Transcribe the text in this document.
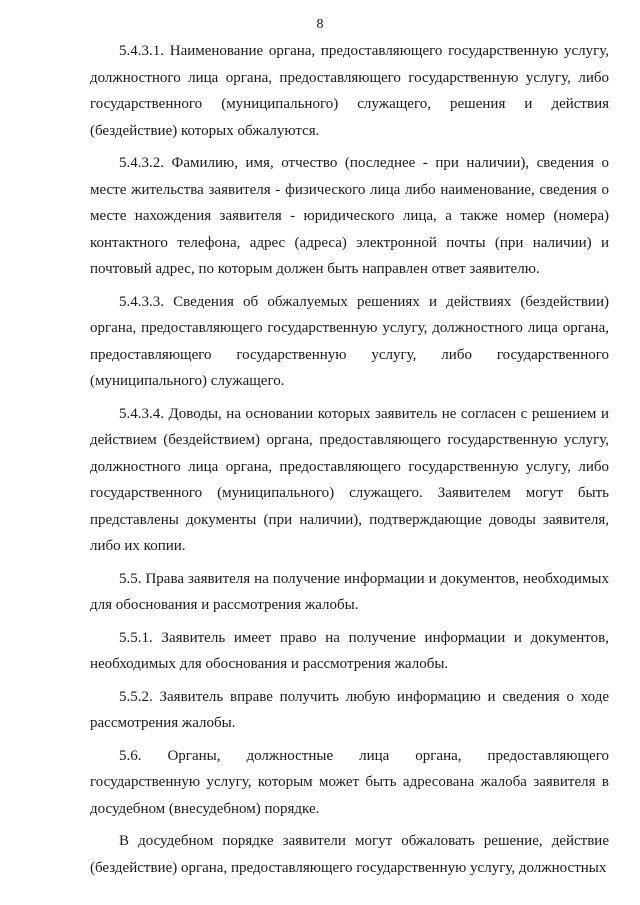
8

5.4.3.1. Наименование органа, предоставляющего государственную услугу, должностного лица органа, предоставляющего государственную услугу, либо государственного (муниципального) служащего, решения и действия (бездействие) которых обжалуются.

5.4.3.2. Фамилию, имя, отчество (последнее - при наличии), сведения о месте жительства заявителя - физического лица либо наименование, сведения о месте нахождения заявителя - юридического лица, а также номер (номера) контактного телефона, адрес (адреса) электронной почты (при наличии) и почтовый адрес, по которым должен быть направлен ответ заявителю.

5.4.3.3. Сведения об обжалуемых решениях и действиях (бездействии) органа, предоставляющего государственную услугу, должностного лица органа, предоставляющего государственную услугу, либо государственного (муниципального) служащего.

5.4.3.4. Доводы, на основании которых заявитель не согласен с решением и действием (бездействием) органа, предоставляющего государственную услугу, должностного лица органа, предоставляющего государственную услугу, либо государственного (муниципального) служащего. Заявителем могут быть представлены документы (при наличии), подтверждающие доводы заявителя, либо их копии.

5.5. Права заявителя на получение информации и документов, необходимых для обоснования и рассмотрения жалобы.

5.5.1. Заявитель имеет право на получение информации и документов, необходимых для обоснования и рассмотрения жалобы.

5.5.2. Заявитель вправе получить любую информацию и сведения о ходе рассмотрения жалобы.

5.6. Органы, должностные лица органа, предоставляющего государственную услугу, которым может быть адресована жалоба заявителя в досудебном (внесудебном) порядке.

В досудебном порядке заявители могут обжаловать решение, действие (бездействие) органа, предоставляющего государственную услугу, должностных
